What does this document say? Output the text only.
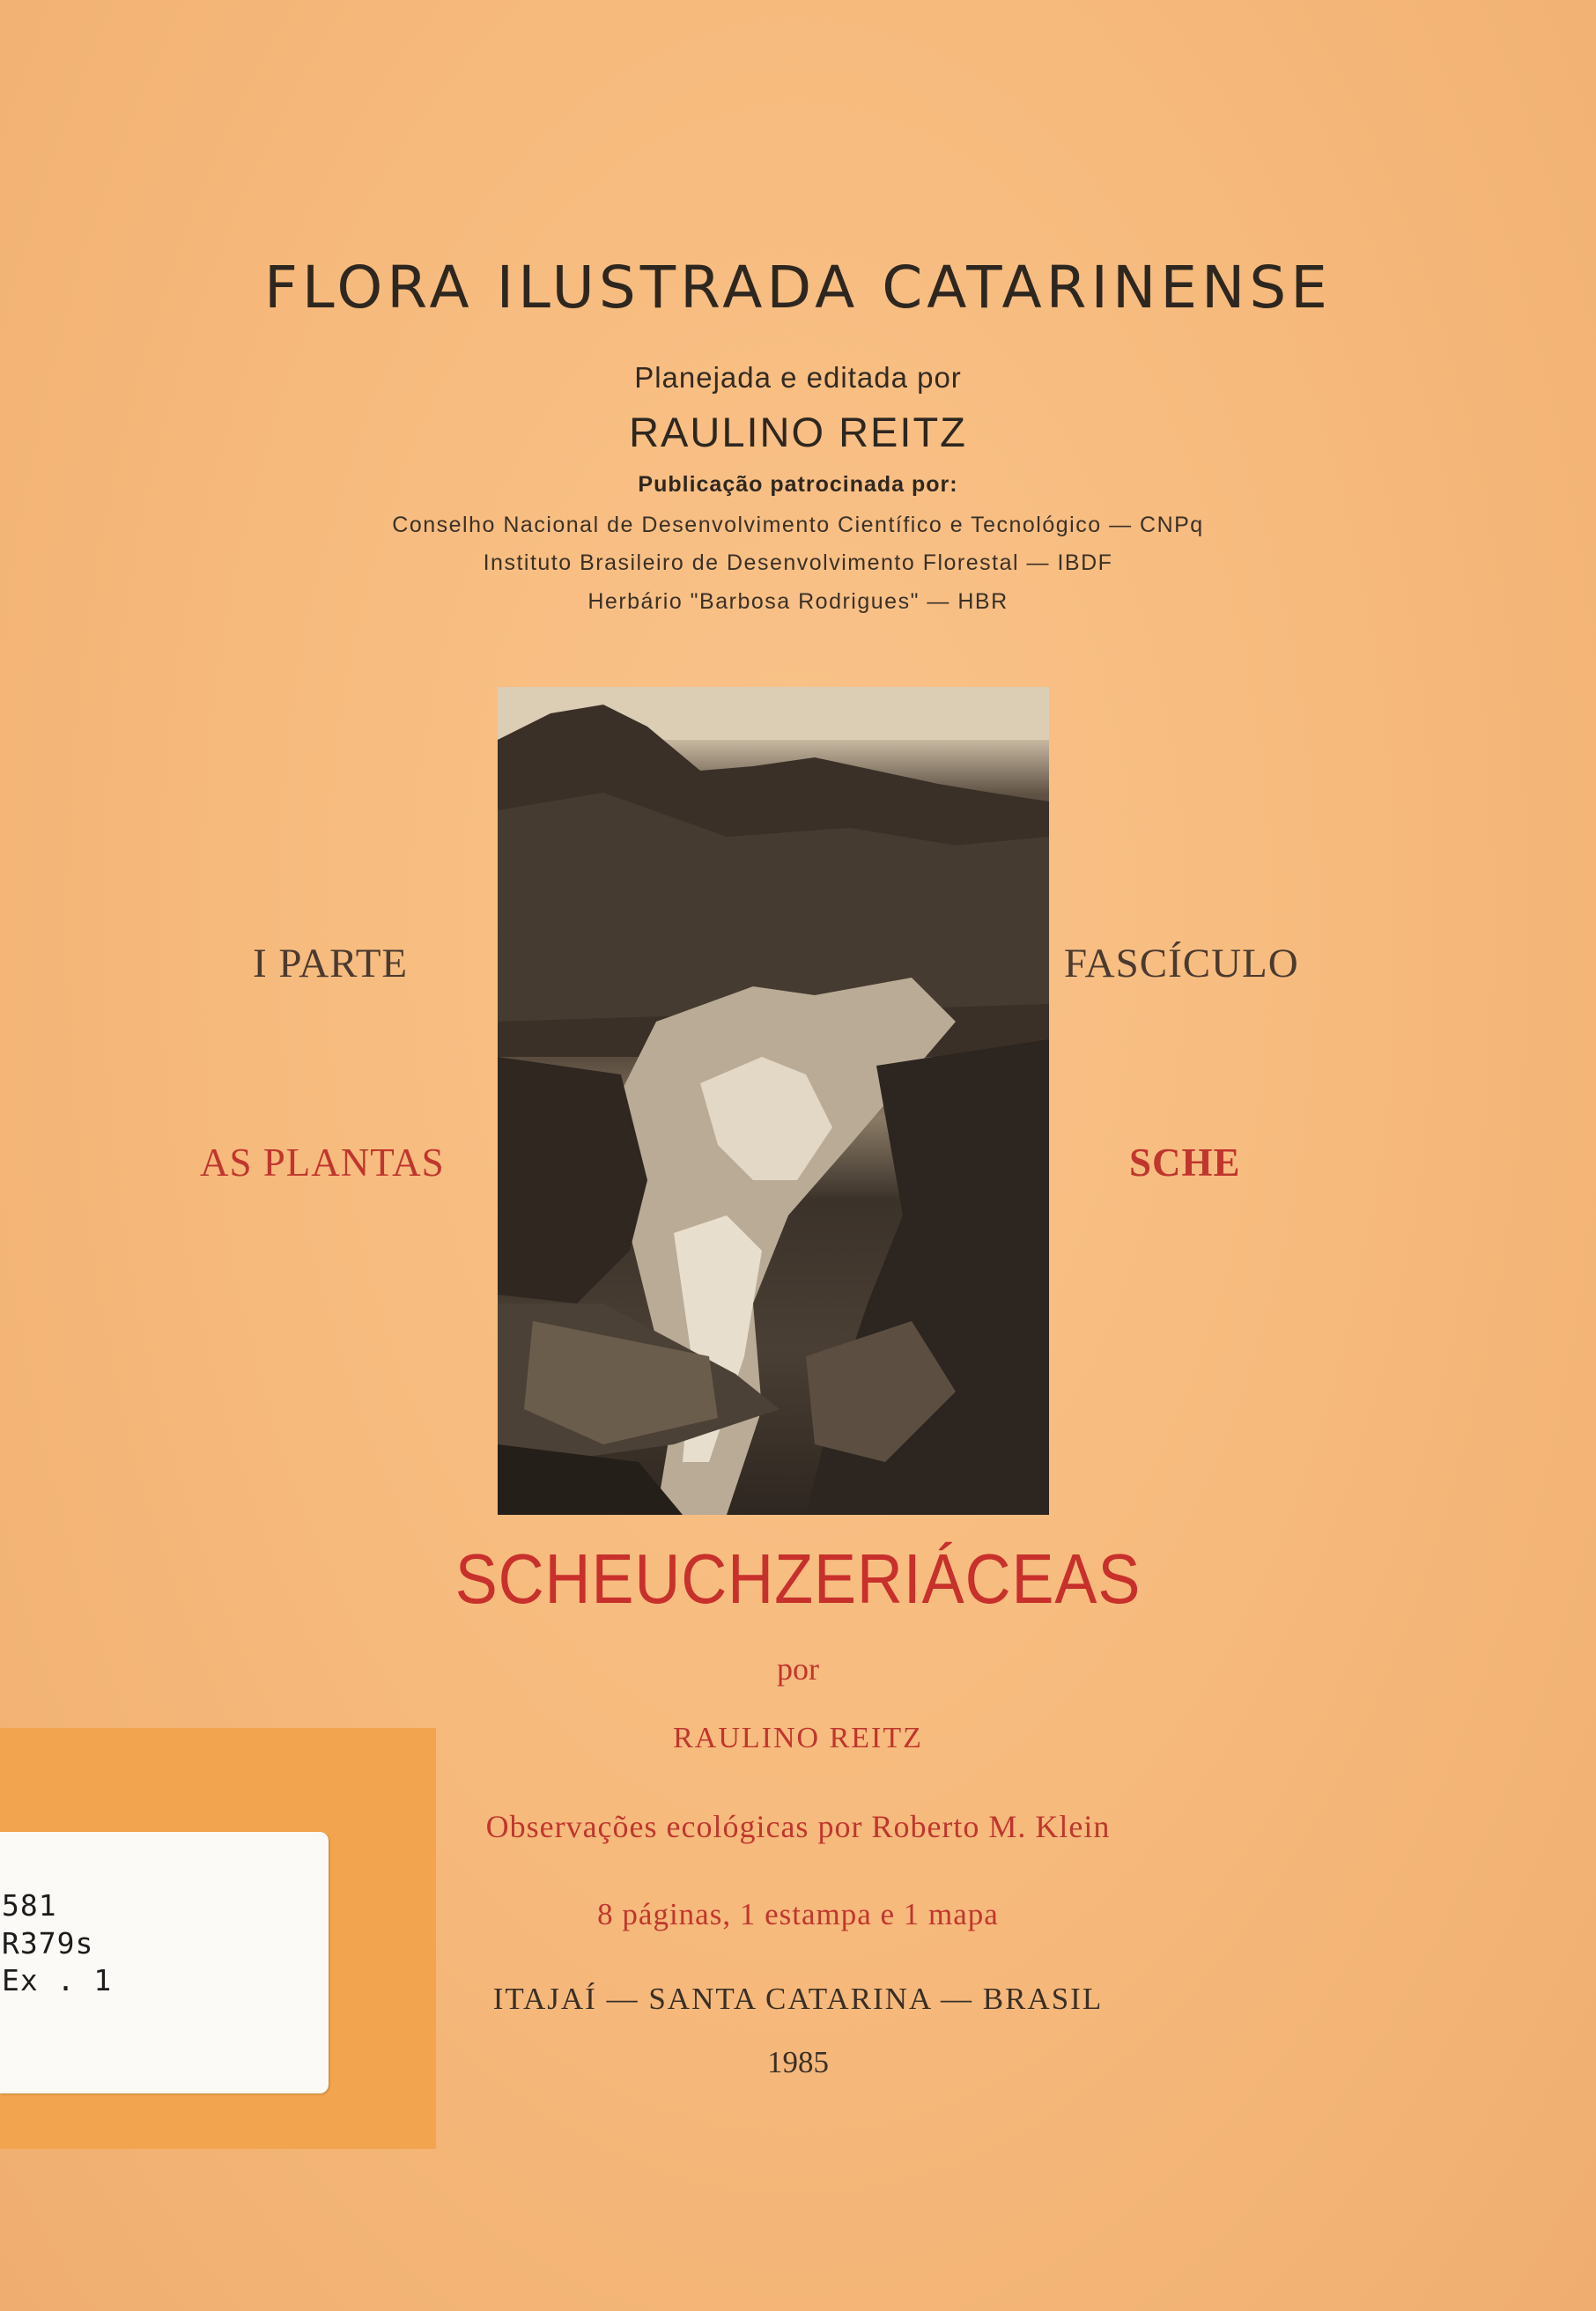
FLORA ILUSTRADA CATARINENSE
Planejada e editada por
RAULINO REITZ
Publicação patrocinada por:
Conselho Nacional de Desenvolvimento Científico e Tecnológico — CNPq
Instituto Brasileiro de Desenvolvimento Florestal — IBDF
Herbário "Barbosa Rodrigues" — HBR
I PARTE	FASCÍCULO
AS PLANTAS	SCHE
SCHEUCHZERIÁCEAS
por
RAULINO REITZ
Observações ecológicas por Roberto M. Klein
8 páginas, 1 estampa e 1 mapa
ITAJAÍ — SANTA CATARINA — BRASIL
1985
581
R379s
Ex . 1
